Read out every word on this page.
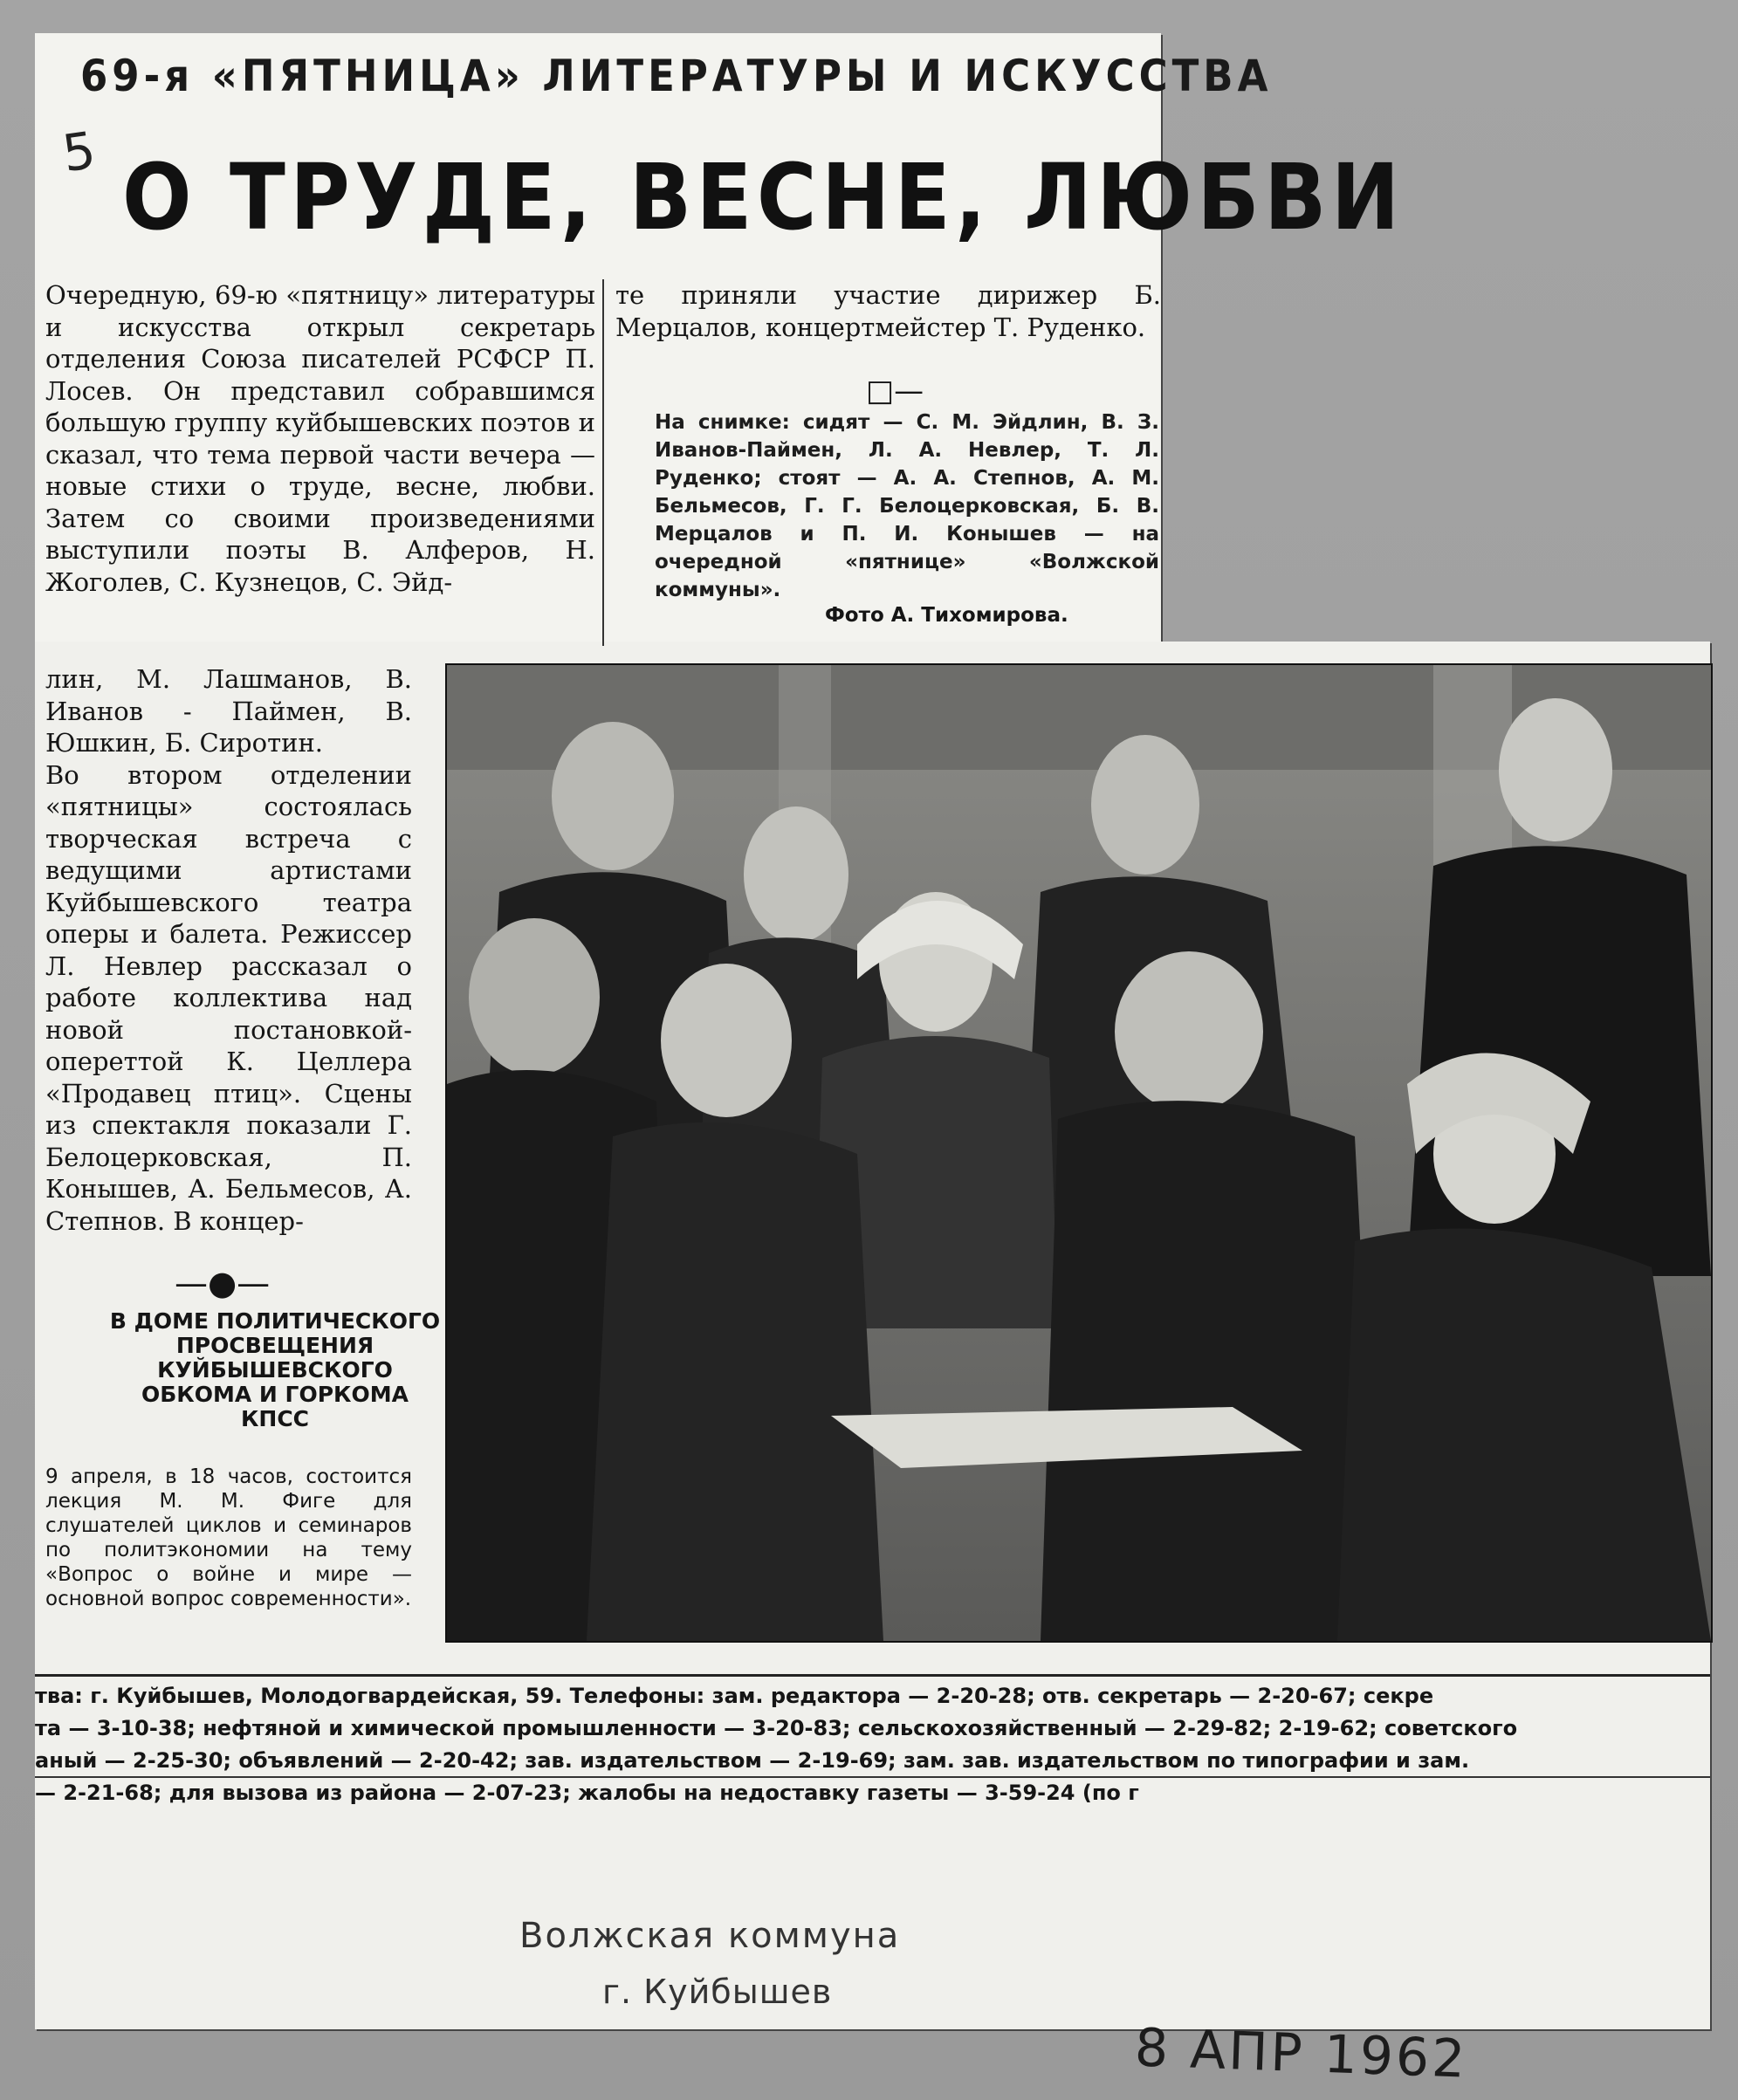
69-я «ПЯТНИЦА» ЛИТЕРАТУРЫ И ИСКУССТВА
5 О ТРУДЕ, ВЕСНЕ, ЛЮБВИ
Очередную, 69-ю «пятницу» литературы и искусства открыл секретарь отделения Союза писателей РСФСР П. Лосев. Он представил собравшимся большую группу куйбышевских поэтов и сказал, что тема первой части вечера — новые стихи о труде, весне, любви. Затем со своими произведениями выступили поэты В. Алферов, Н. Жоголев, С. Кузнецов, С. Эйд-
те приняли участие дирижер Б. Мерцалов, концертмейстер Т. Руденко.
□—
На снимке: сидят — С. М. Эйдлин, В. З. Иванов-Паймен, Л. А. Невлер, Т. Л. Руденко; стоят — А. А. Степнов, А. М. Бельмесов, Г. Г. Белоцерковская, Б. В. Мерцалов и П. И. Конышев — на очередной «пятнице» «Волжской коммуны».
Фото А. Тихомирова.
лин, М. Лашманов, В. Иванов - Паймен, В. Юшкин, Б. Сиротин.
Во втором отделении «пятницы» состоялась творческая встреча с ведущими артистами Куйбышевского театра оперы и балета. Режиссер Л. Невлер рассказал о работе коллектива над новой постановкой-опереттой К. Целлера «Продавец птиц». Сцены из спектакля показали Г. Белоцерковская, П. Конышев, А. Бельмесов, А. Степнов. В концер-
—●—
В ДОМЕ ПОЛИТИЧЕСКОГО ПРОСВЕЩЕНИЯ КУЙБЫШЕВСКОГО ОБКОМА И ГОРКОМА КПСС
9 апреля, в 18 часов, состоится лекция М. М. Фиге для слушателей циклов и семинаров по политэкономии на тему «Вопрос о войне и мире — основной вопрос современности».
тва: г. Куйбышев, Молодогвардейская, 59. Телефоны: зам. редактора — 2-20-28; отв. секретарь — 2-20-67; секре
та — 3-10-38; нефтяной и химической промышленности — 3-20-83; сельскохозяйственный — 2-29-82; 2-19-62; советского
аный — 2-25-30; объявлений — 2-20-42; зав. издательством — 2-19-69; зам. зав. издательством по типографии и зам.
— 2-21-68; для вызова из района — 2-07-23; жалобы на недоставку газеты — 3-59-24 (по г
Волжская коммуна
г. Куйбышев
8 АПР 1962
